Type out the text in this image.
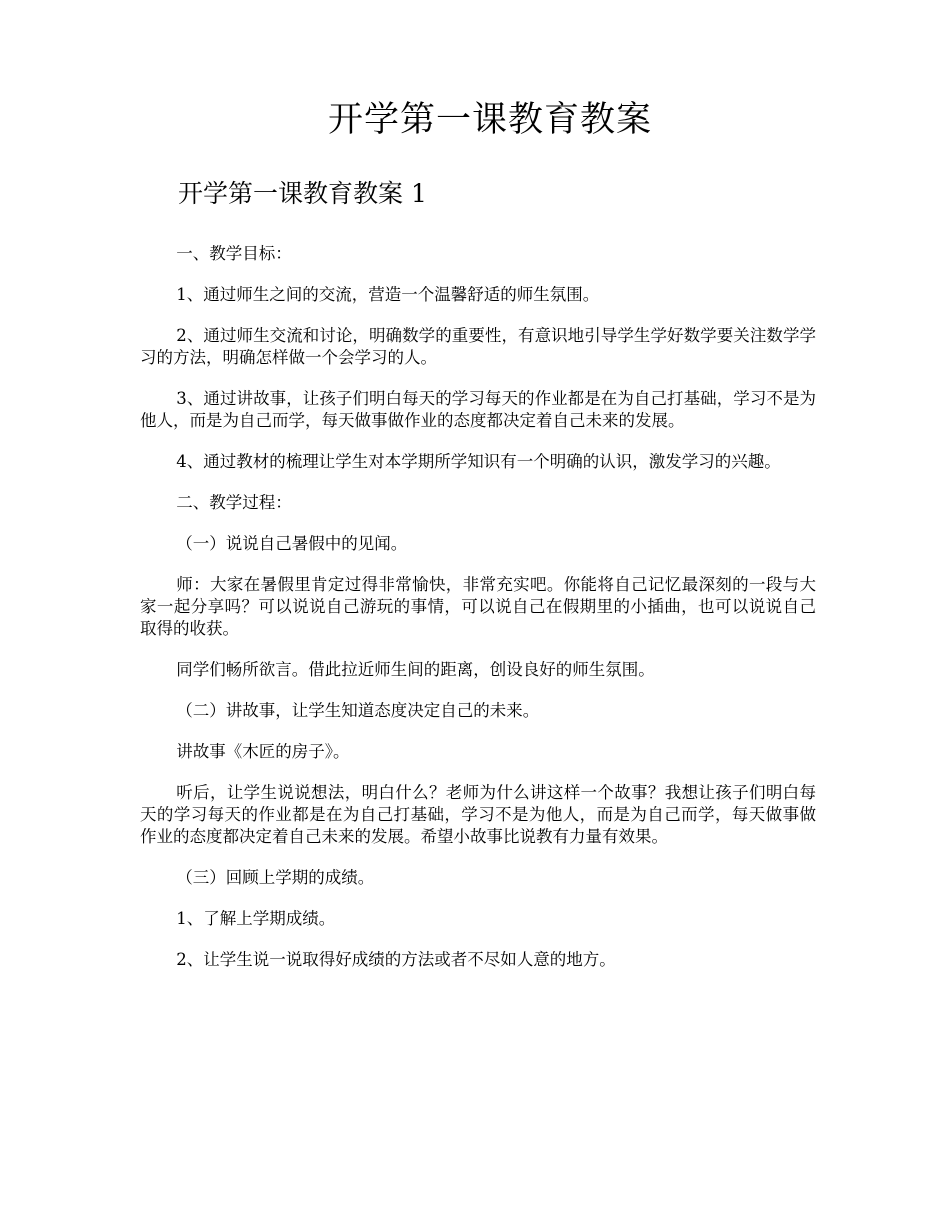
开学第一课教育教案
开学第一课教育教案 1

一、教学目标：

1、通过师生之间的交流，营造一个温馨舒适的师生氛围。

2、通过师生交流和讨论，明确数学的重要性，有意识地引导学生学好数学要关注数学学习的方法，明确怎样做一个会学习的人。

3、通过讲故事，让孩子们明白每天的学习每天的作业都是在为自己打基础，学习不是为他人，而是为自己而学，每天做事做作业的态度都决定着自己未来的发展。

4、通过教材的梳理让学生对本学期所学知识有一个明确的认识，激发学习的兴趣。

二、教学过程：

（一）说说自己暑假中的见闻。

师：大家在暑假里肯定过得非常愉快，非常充实吧。你能将自己记忆最深刻的一段与大家一起分享吗？可以说说自己游玩的事情，可以说自己在假期里的小插曲，也可以说说自己取得的收获。

同学们畅所欲言。借此拉近师生间的距离，创设良好的师生氛围。

（二）讲故事，让学生知道态度决定自己的未来。

讲故事《木匠的房子》。

听后，让学生说说想法，明白什么？老师为什么讲这样一个故事？我想让孩子们明白每天的学习每天的作业都是在为自己打基础，学习不是为他人，而是为自己而学，每天做事做作业的态度都决定着自己未来的发展。希望小故事比说教有力量有效果。

（三）回顾上学期的成绩。

1、了解上学期成绩。

2、让学生说一说取得好成绩的方法或者不尽如人意的地方。
